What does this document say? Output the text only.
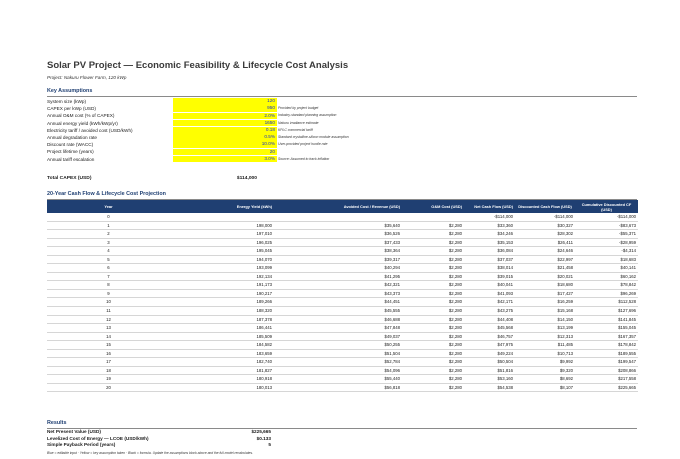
Solar PV Project — Economic Feasibility & Lifecycle Cost Analysis
Project: Nakuru Flower Farm, 120 kWp
Key Assumptions
System size (kWp)	120
CAPEX per kWp (USD)	950 Provided by project budget
Annual O&M cost (% of CAPEX)	2.0% Industry-standard planning assumption
Annual energy yield (kWh/kWp/yr)	1650 Nakuru irradiance estimate
Electricity tariff / avoided cost (USD/kWh)	0.18 KPLC commercial tariff
Annual degradation rate	0.5% Standard crystalline-silicon module assumption
Discount rate (WACC)	10.0% User-provided project hurdle rate
Project lifetime (years)	20
Annual tariff escalation	3.0% Source: Assumed to track inflation
Total CAPEX (USD)	$114,000
20-Year Cash Flow & Lifecycle Cost Projection
Year	Energy Yield (kWh)	Avoided Cost / Revenue (USD)	O&M Cost (USD)	Net Cash Flow (USD)	Discounted Cash Flow (USD)	Cumulative Discounted CF (USD)
0				-$114,000	-$114,000	-$114,000
1	198,000	$35,640	$2,280	$33,360	$30,327	-$83,673
2	197,010	$36,526	$2,280	$34,246	$28,302	-$55,371
3	196,025	$37,433	$2,280	$35,153	$26,411	-$28,959
4	195,045	$38,364	$2,280	$36,084	$24,646	-$4,314
5	194,070	$39,317	$2,280	$37,037	$22,997	$18,683
6	193,099	$40,294	$2,280	$38,014	$21,458	$40,141
7	192,134	$41,295	$2,280	$39,015	$20,021	$60,162
8	191,173	$42,321	$2,280	$40,041	$18,680	$78,842
9	190,217	$43,373	$2,280	$41,093	$17,427	$96,269
10	189,266	$44,451	$2,280	$42,171	$16,259	$112,528
11	188,320	$45,555	$2,280	$43,275	$15,168	$127,696
12	187,378	$46,688	$2,280	$44,408	$14,150	$141,845
13	186,441	$47,848	$2,280	$45,568	$13,199	$155,045
14	185,509	$49,037	$2,280	$46,757	$12,313	$167,357
15	184,582	$50,255	$2,280	$47,975	$11,485	$178,842
16	183,659	$51,504	$2,280	$49,224	$10,713	$189,555
17	182,740	$52,784	$2,280	$50,504	$9,992	$199,547
18	181,827	$54,096	$2,280	$51,816	$9,320	$208,866
19	180,918	$55,440	$2,280	$53,160	$8,692	$217,558
20	180,013	$56,818	$2,280	$54,538	$8,107	$225,665
Results
Net Present Value (USD)	$225,665
Levelized Cost of Energy — LCOE (USD/kWh)	$0.133
Simple Payback Period (years)	5
Blue = editable input · Yellow = key assumption taken · Black = formula. Update the assumptions block above and the full model recalculates.
